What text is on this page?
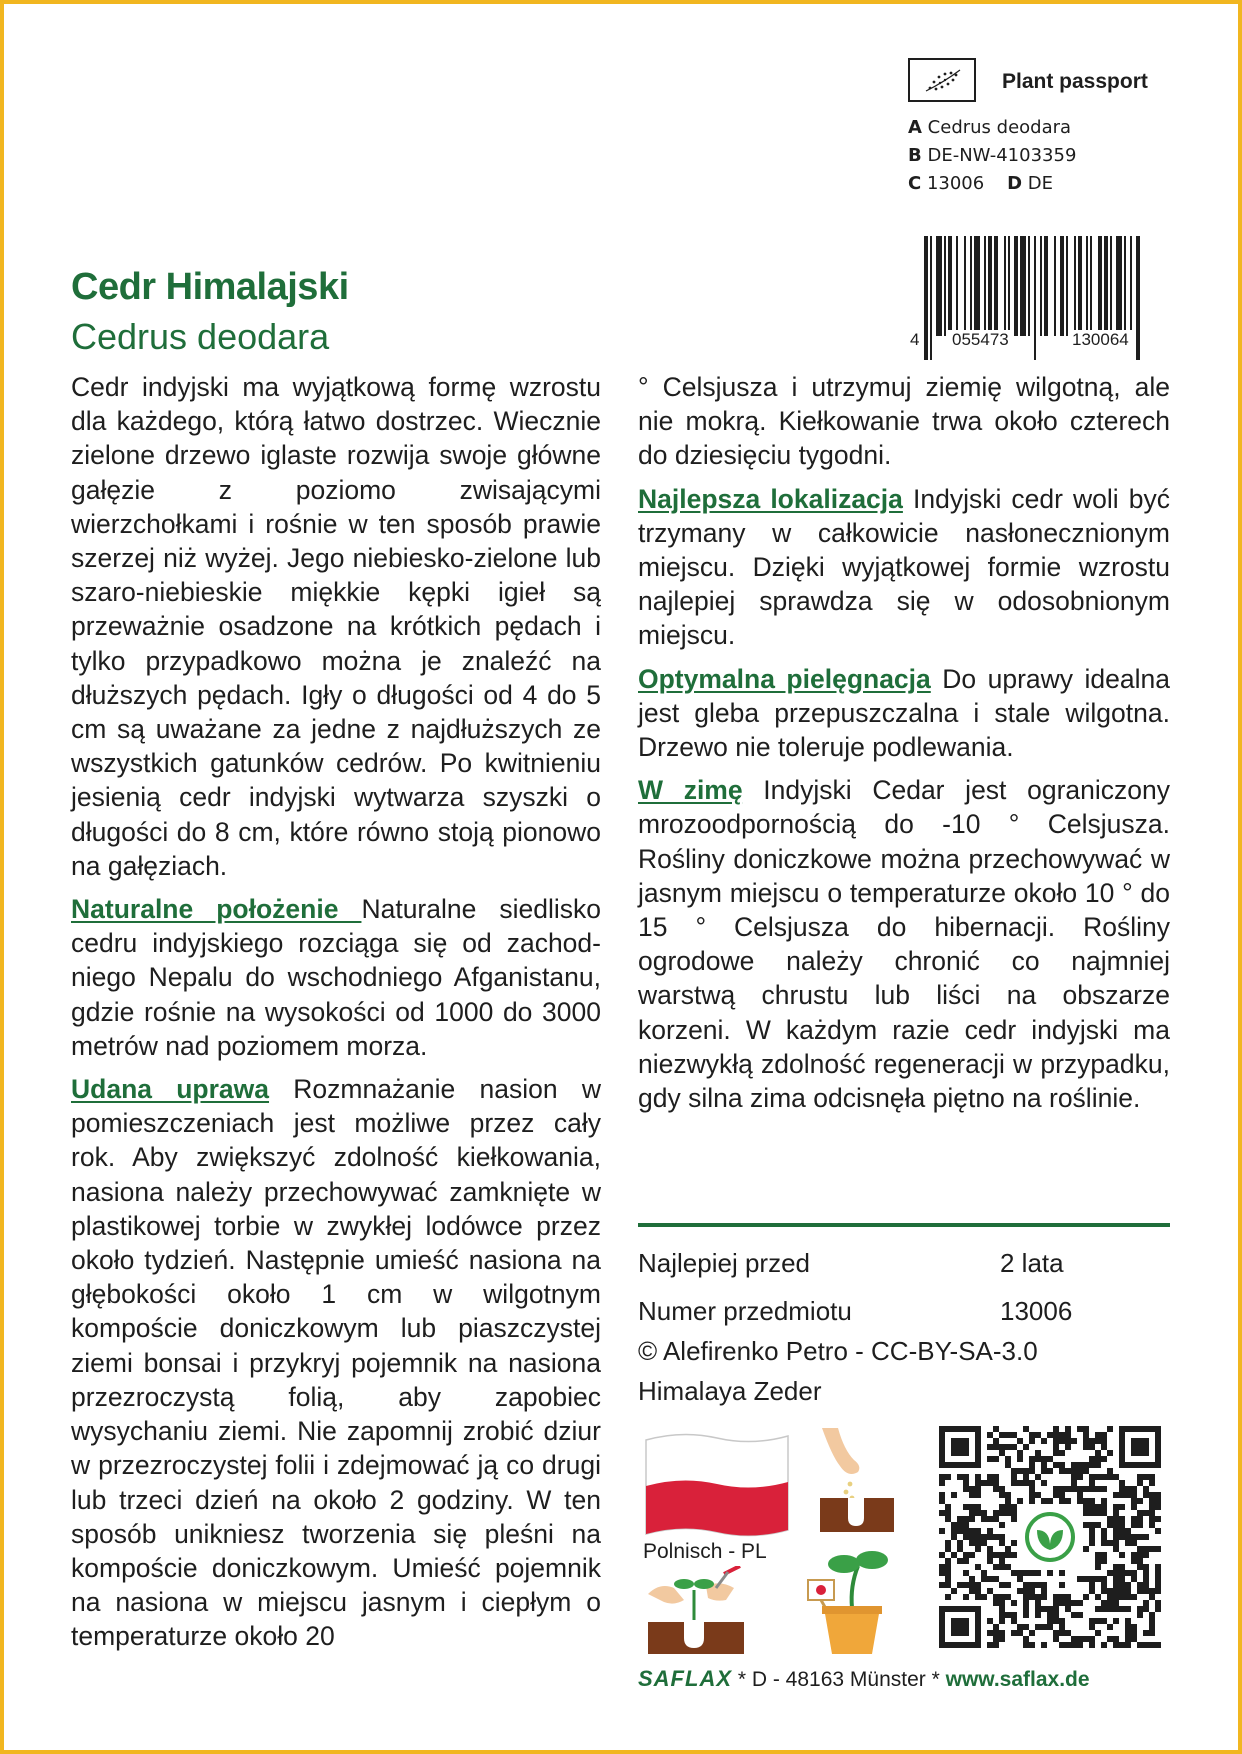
Plant passport
A Cedrus deodara
B DE-NW-4103359
C 13006 D DE
4 055473	130064
Cedr Himalajski
Cedrus deodara

Cedr indyjski ma wyjątkową formę wzrostu dla każdego, którą łatwo dostrzec. Wiecznie zielone drzewo iglaste rozwija swoje główne gałęzie z poziomo zwisającymi wierzchołkami i rośnie w ten sposób prawie szerzej niż wyżej. Jego niebiesko-zielone lub szaro-niebieskie miękkie kępki igieł są przeważnie osadzone na krótkich pędach i tylko przypadkowo można je znaleźć na dłuższych pędach. Igły o długości od 4 do 5 cm są uważane za jedne z najdłuższych ze wszystkich gatunków cedrów. Po kwitnieniu jesienią cedr indyjski wytwarza szyszki o długości do 8 cm, które równo stoją pionowo na gałęziach.

Naturalne położenie Naturalne siedlisko cedru indyjskiego rozciąga się od zachodniego Nepalu do wschodniego Afganistanu, gdzie rośnie na wysokości od 1000 do 3000 metrów nad poziomem morza.

Udana uprawa Rozmnażanie nasion w pomieszczeniach jest możliwe przez cały rok. Aby zwiększyć zdolność kiełkowania, nasiona należy przechowywać zamknięte w plastikowej torbie w zwykłej lodówce przez około tydzień. Następnie umieść nasiona na głębokości około 1 cm w wilgotnym kompoście doniczkowym lub piaszczystej ziemi bonsai i przykryj pojemnik na nasiona przezroczystą folią, aby zapobiec wysychaniu ziemi. Nie zapomnij zrobić dziur w przezroczystej folii i zdejmować ją co drugi lub trzeci dzień na około 2 godziny. W ten sposób unikniesz tworzenia się pleśni na kompoście doniczkowym. Umieść pojemnik na nasiona w miejscu jasnym i ciepłym o temperaturze około 20

° Celsjusza i utrzymuj ziemię wilgotną, ale nie mokrą. Kiełkowanie trwa około czterech do dziesięciu tygodni.

Najlepsza lokalizacja Indyjski cedr woli być trzymany w całkowicie nasłonecznionym miejscu. Dzięki wyjątkowej formie wzrostu najlepiej sprawdza się w odosobnionym miejscu.

Optymalna pielęgnacja Do uprawy idealna jest gleba przepuszczalna i stale wilgotna. Drzewo nie toleruje podlewania.

W zimę Indyjski Cedar jest ograniczony mrozoodpornością do -10 ° Celsjusza. Rośliny doniczkowe można przechowywać w jasnym miejscu o temperaturze około 10 ° do 15 ° Celsjusza do hibernacji. Rośliny ogrodowe należy chronić co najmniej warstwą chrustu lub liści na obszarze korzeni. W każdym razie cedr indyjski ma niezwykłą zdolność regeneracji w przypadku, gdy silna zima odcisnęła piętno na roślinie.

Najlepiej przed	2 lata
Numer przedmiotu	13006
© Alefirenko Petro - CC-BY-SA-3.0
Himalaya Zeder
Polnisch - PL
SAFLAX * D - 48163 Münster * www.saflax.de
